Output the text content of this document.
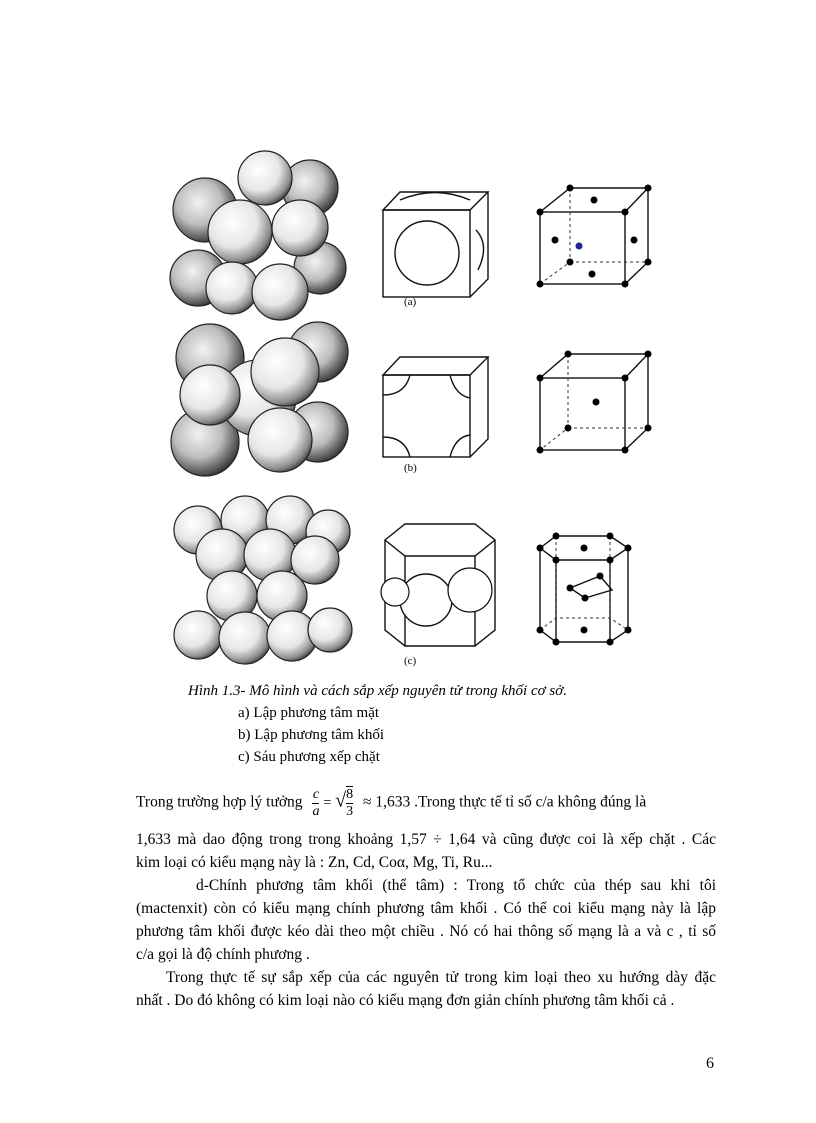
(a)
(b)
(c)
Hình 1.3- Mô hình và cách sắp xếp nguyên tử trong khối cơ sở.
a) Lập phương tâm mặt
b) Lập phương tâm khối
c) Sáu phương xếp chặt
Trong trường hợp lý tưởng $\frac{c}{a} = √\frac{8}{3} \approx 1,633$ .Trong thực tế tỉ số c/a không đúng là

1,633 mà dao động trong trong khoảng 1,57 ÷ 1,64 và cũng được coi là xếp chặt . Các

kim loại có kiểu mạng này là : Zn, Cd, Coα, Mg, Ti, Ru...

d-Chính phương tâm khối (thể tâm) : Trong tổ chức của thép sau khi tôi

(mactenxit) còn có kiểu mạng chính phương tâm khối . Có thể coi kiểu mạng này là lập

phương tâm khối được kéo dài theo một chiều . Nó có hai thông số mạng là a và c , tỉ số

c/a gọi là độ chính phương .

Trong thực tế sự sắp xếp của các nguyên tử trong kim loại theo xu hướng dày đặc

nhất . Do đó không có kim loại nào có kiểu mạng đơn giản chính phương tâm khối cả .

6
